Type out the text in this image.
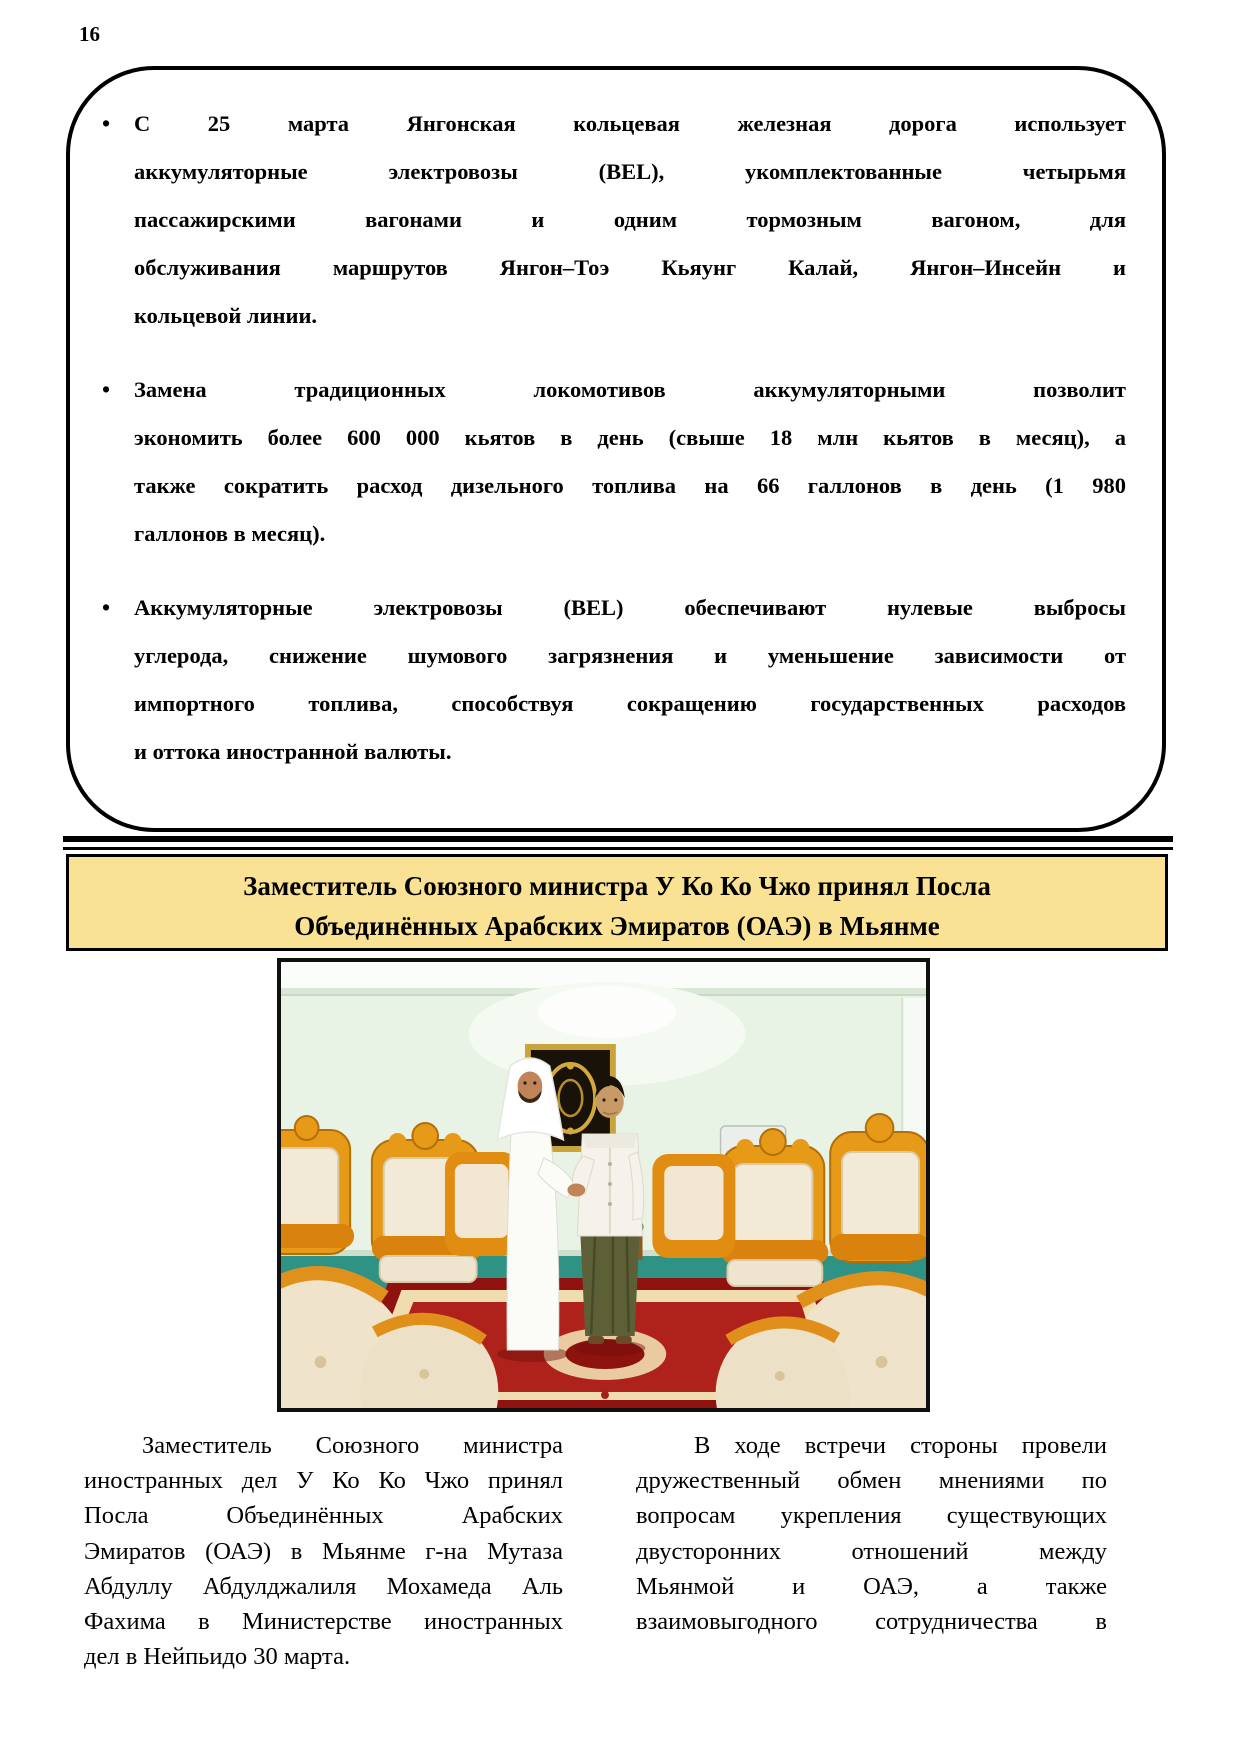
16
• С 25 марта Янгонская кольцевая железная дорога использует
аккумуляторные электровозы (BEL), укомплектованные четырьмя
пассажирскими вагонами и одним тормозным вагоном, для
обслуживания маршрутов Янгон–Тоэ Кьяунг Калай, Янгон–Инсейн и
кольцевой линии.
• Замена традиционных локомотивов аккумуляторными позволит
экономить более 600 000 кьятов в день (свыше 18 млн кьятов в месяц), а
также сократить расход дизельного топлива на 66 галлонов в день (1 980
галлонов в месяц).
• Аккумуляторные электровозы (BEL) обеспечивают нулевые выбросы
углерода, снижение шумового загрязнения и уменьшение зависимости от
импортного топлива, способствуя сокращению государственных расходов
и оттока иностранной валюты.
Заместитель Союзного министра У Ко Ко Чжо принял Посла
Объединённых Арабских Эмиратов (ОАЭ) в Мьянме

Заместитель Союзного министра
иностранных дел У Ко Ко Чжо принял
Посла Объединённых Арабских
Эмиратов (ОАЭ) в Мьянме г-на Мутаза
Абдуллу Абдулджалиля Мохамеда Аль
Фахима в Министерстве иностранных
дел в Нейпьидо 30 марта.

В ходе встречи стороны провели
дружественный обмен мнениями по
вопросам укрепления существующих
двусторонних отношений между
Мьянмой и ОАЭ, а также
взаимовыгодного сотрудничества в
